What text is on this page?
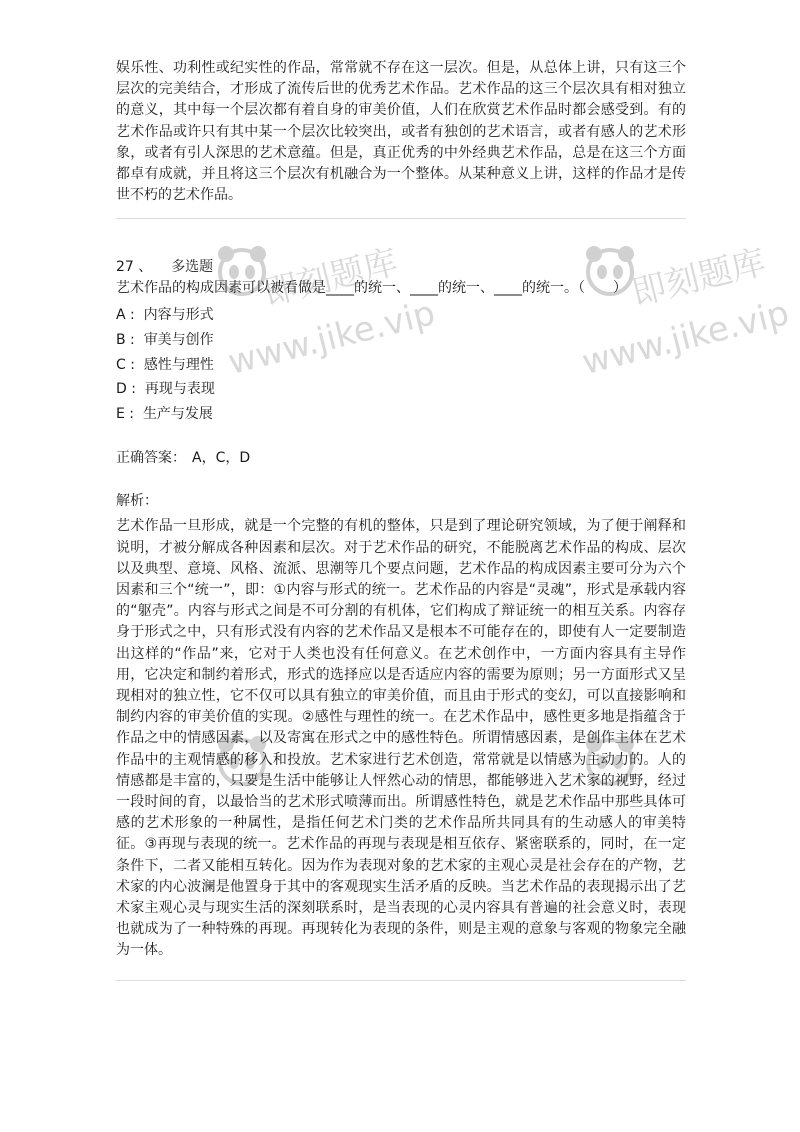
娱乐性、功利性或纪实性的作品，常常就不存在这一层次。但是，从总体上讲，只有这三个层次的完美结合，才形成了流传后世的优秀艺术作品。艺术作品的这三个层次具有相对独立的意义，其中每一个层次都有着自身的审美价值，人们在欣赏艺术作品时都会感受到。有的艺术作品或许只有其中某一个层次比较突出，或者有独创的艺术语言，或者有感人的艺术形象，或者有引人深思的艺术意蕴。但是，真正优秀的中外经典艺术作品，总是在这三个方面都卓有成就，并且将这三个层次有机融合为一个整体。从某种意义上讲，这样的作品才是传世不朽的艺术作品。

27 、 多选题

艺术作品的构成因素可以被看做是____的统一、____的统一、____的统一。（　　）

A :  内容与形式

B :  审美与创作

C :  感性与理性

D :  再现与表现

E :  生产与发展

正确答案： A，C，D

解析：

艺术作品一旦形成，就是一个完整的有机的整体，只是到了理论研究领域，为了便于阐释和说明，才被分解成各种因素和层次。对于艺术作品的研究，不能脱离艺术作品的构成、层次以及典型、意境、风格、流派、思潮等几个要点问题，艺术作品的构成因素主要可分为六个因素和三个“统一”，即：①内容与形式的统一。艺术作品的内容是“灵魂”，形式是承载内容的“躯壳”。内容与形式之间是不可分割的有机体，它们构成了辩证统一的相互关系。内容存身于形式之中，只有形式没有内容的艺术作品又是根本不可能存在的，即使有人一定要制造出这样的“作品”来，它对于人类也没有任何意义。在艺术创作中，一方面内容具有主导作用，它决定和制约着形式，形式的选择应以是否适应内容的需要为原则；另一方面形式又呈现相对的独立性，它不仅可以具有独立的审美价值，而且由于形式的变幻，可以直接影响和制约内容的审美价值的实现。②感性与理性的统一。在艺术作品中，感性更多地是指蕴含于作品之中的情感因素，以及寄寓在形式之中的感性特色。所谓情感因素，是创作主体在艺术作品中的主观情感的移入和投放。艺术家进行艺术创造，常常就是以情感为主动力的。人的情感都是丰富的，只要是生活中能够让人怦然心动的情思，都能够进入艺术家的视野，经过一段时间的育，以最恰当的艺术形式喷薄而出。所谓感性特色，就是艺术作品中那些具体可感的艺术形象的一种属性，是指任何艺术门类的艺术作品所共同具有的生动感人的审美特征。③再现与表现的统一。艺术作品的再现与表现是相互依存、紧密联系的，同时，在一定条件下，二者又能相互转化。因为作为表现对象的艺术家的主观心灵是社会存在的产物，艺术家的内心波澜是他置身于其中的客观现实生活矛盾的反映。当艺术作品的表现揭示出了艺术家主观心灵与现实生活的深刻联系时，是当表现的心灵内容具有普遍的社会意义时，表现也就成为了一种特殊的再现。再现转化为表现的条件，则是主观的意象与客观的物象完全融为一体。

即刻题库
www.jike.vip
即刻题库
www.jike.vip
